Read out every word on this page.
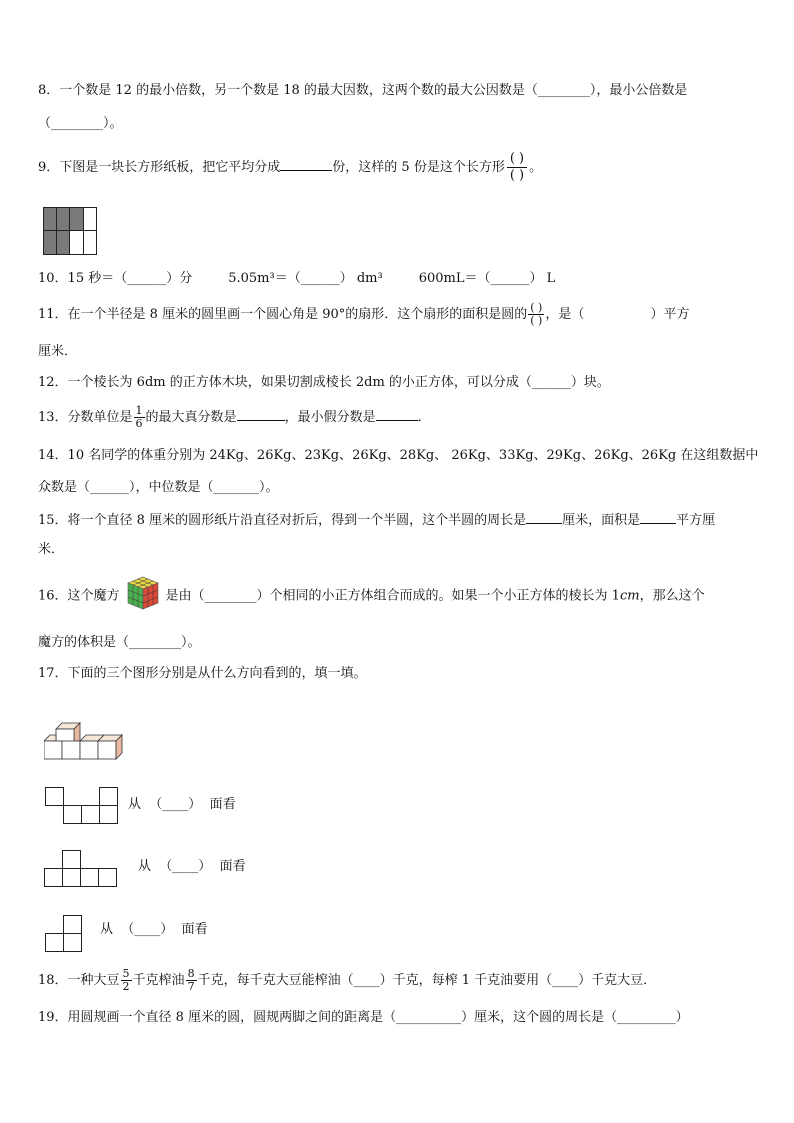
8．一个数是 12 的最小倍数，另一个数是 18 的最大因数，这两个数的最大公因数是（________），最小公倍数是
（________）。
9．下图是一块长方形纸板，把它平均分成	份，这样的 5 份是这个长方形 $\frac{( )}{( )}$ 。
10．15 秒＝（______）分	5.05m³＝（______） dm³	600mL＝（______） L
11．在一个半径是 8 厘米的圆里画一个圆心角是 90°的扇形．这个扇形的面积是圆的 $\frac{( )}{( )}$ ，是（                ）平方
厘米．
12．一个棱长为 6dm 的正方体木块，如果切割成棱长 2dm 的小正方体，可以分成（______）块。
13．分数单位是 $\frac{1}{6}$ 的最大真分数是	，最小假分数是	．
14．10 名同学的体重分别为 24Kg、26Kg、23Kg、26Kg、28Kg、 26Kg、33Kg、29Kg、26Kg、26Kg 在这组数据中
众数是（______），中位数是（_______）。
15．将一个直径 8 厘米的圆形纸片沿直径对折后，得到一个半圆，这个半圆的周长是	厘米，面积是	平方厘
米．
16．这个魔方	是由（________）个相同的小正方体组合而成的。如果一个小正方体的棱长为 1cm，那么这个
魔方的体积是（________）。
17．下面的三个图形分别是从什么方向看到的，填一填。
从 （____） 面看
从 （____） 面看
从 （____） 面看
18．一种大豆 $\frac{5}{2}$ 千克榨油 $\frac{8}{7}$ 千克，每千克大豆能榨油（____）千克，每榨 1 千克油要用（____）千克大豆．
19．用圆规画一个直径 8 厘米的圆，圆规两脚之间的距离是（__________）厘米，这个圆的周长是（_________）
